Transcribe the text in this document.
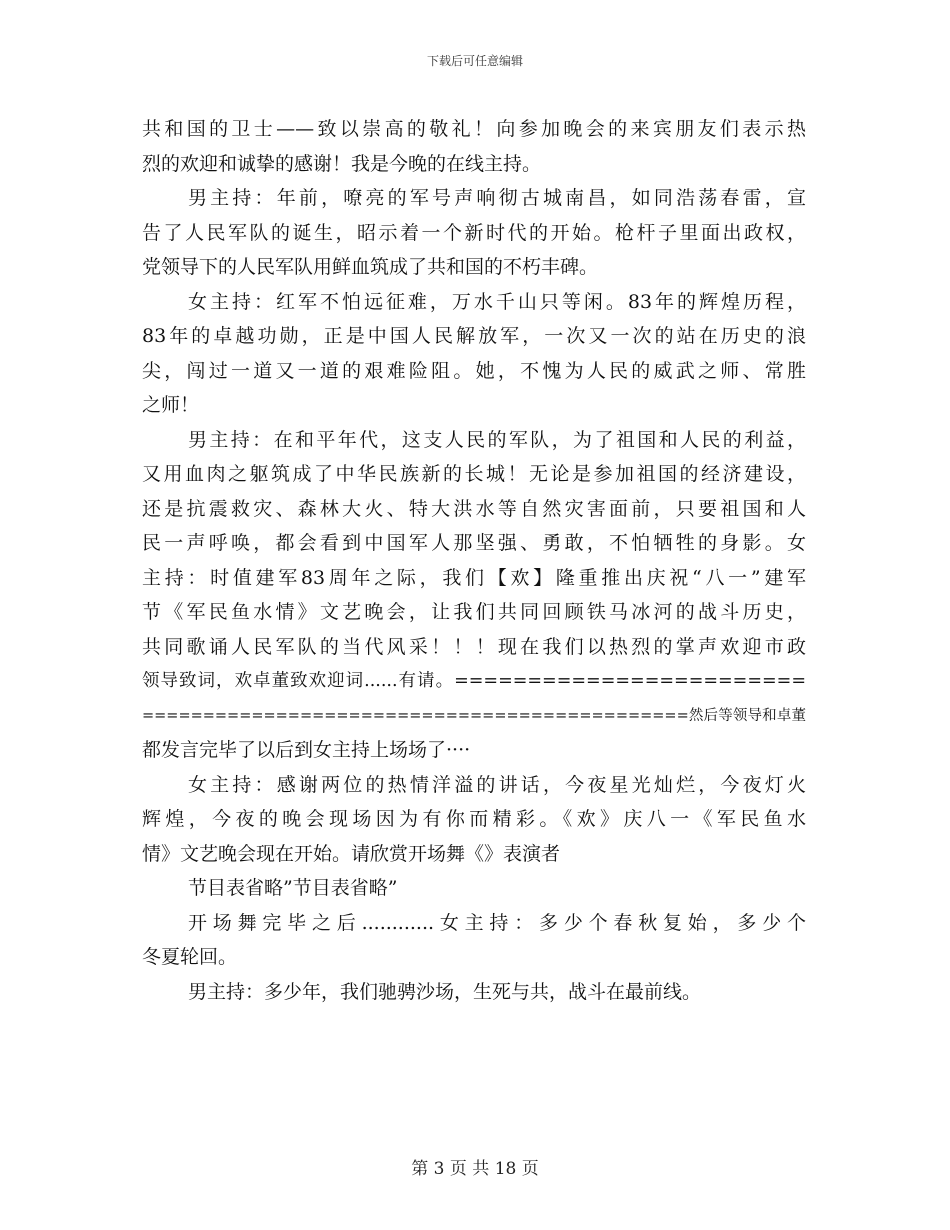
下载后可任意编辑
共和国的卫士——致以崇高的敬礼！向参加晚会的来宾朋友们表示热
烈的欢迎和诚挚的感谢！我是今晚的在线主持。
男主持：年前，嘹亮的军号声响彻古城南昌，如同浩荡春雷，宣
告了人民军队的诞生，昭示着一个新时代的开始。枪杆子里面出政权，
党领导下的人民军队用鲜血筑成了共和国的不朽丰碑。
女主持：红军不怕远征难，万水千山只等闲。83年的辉煌历程，
83年的卓越功勋，正是中国人民解放军，一次又一次的站在历史的浪
尖，闯过一道又一道的艰难险阻。她，不愧为人民的威武之师、常胜
之师！
男主持：在和平年代，这支人民的军队，为了祖国和人民的利益，
又用血肉之躯筑成了中华民族新的长城！无论是参加祖国的经济建设，
还是抗震救灾、森林大火、特大洪水等自然灾害面前，只要祖国和人
民一声呼唤，都会看到中国军人那坚强、勇敢，不怕牺牲的身影。女
主持：时值建军83周年之际，我们【欢】隆重推出庆祝“八一”建军
节《军民鱼水情》文艺晚会，让我们共同回顾铁马冰河的战斗历史，
共同歌诵人民军队的当代风采！！！现在我们以热烈的掌声欢迎市政
领导致词，欢卓董致欢迎词......有请。========================
=============================================然后等领导和卓董
都发言完毕了以后到女主持上场场了····
女主持：感谢两位的热情洋溢的讲话，今夜星光灿烂，今夜灯火
辉煌，今夜的晚会现场因为有你而精彩。《欢》庆八一《军民鱼水
情》文艺晚会现在开始。请欣赏开场舞《》表演者
节目表省略”节目表省略”
开场舞完毕之后............女主持：多少个春秋复始，多少个
冬夏轮回。
男主持：多少年，我们驰骋沙场，生死与共，战斗在最前线。
第 3 页 共 18 页
